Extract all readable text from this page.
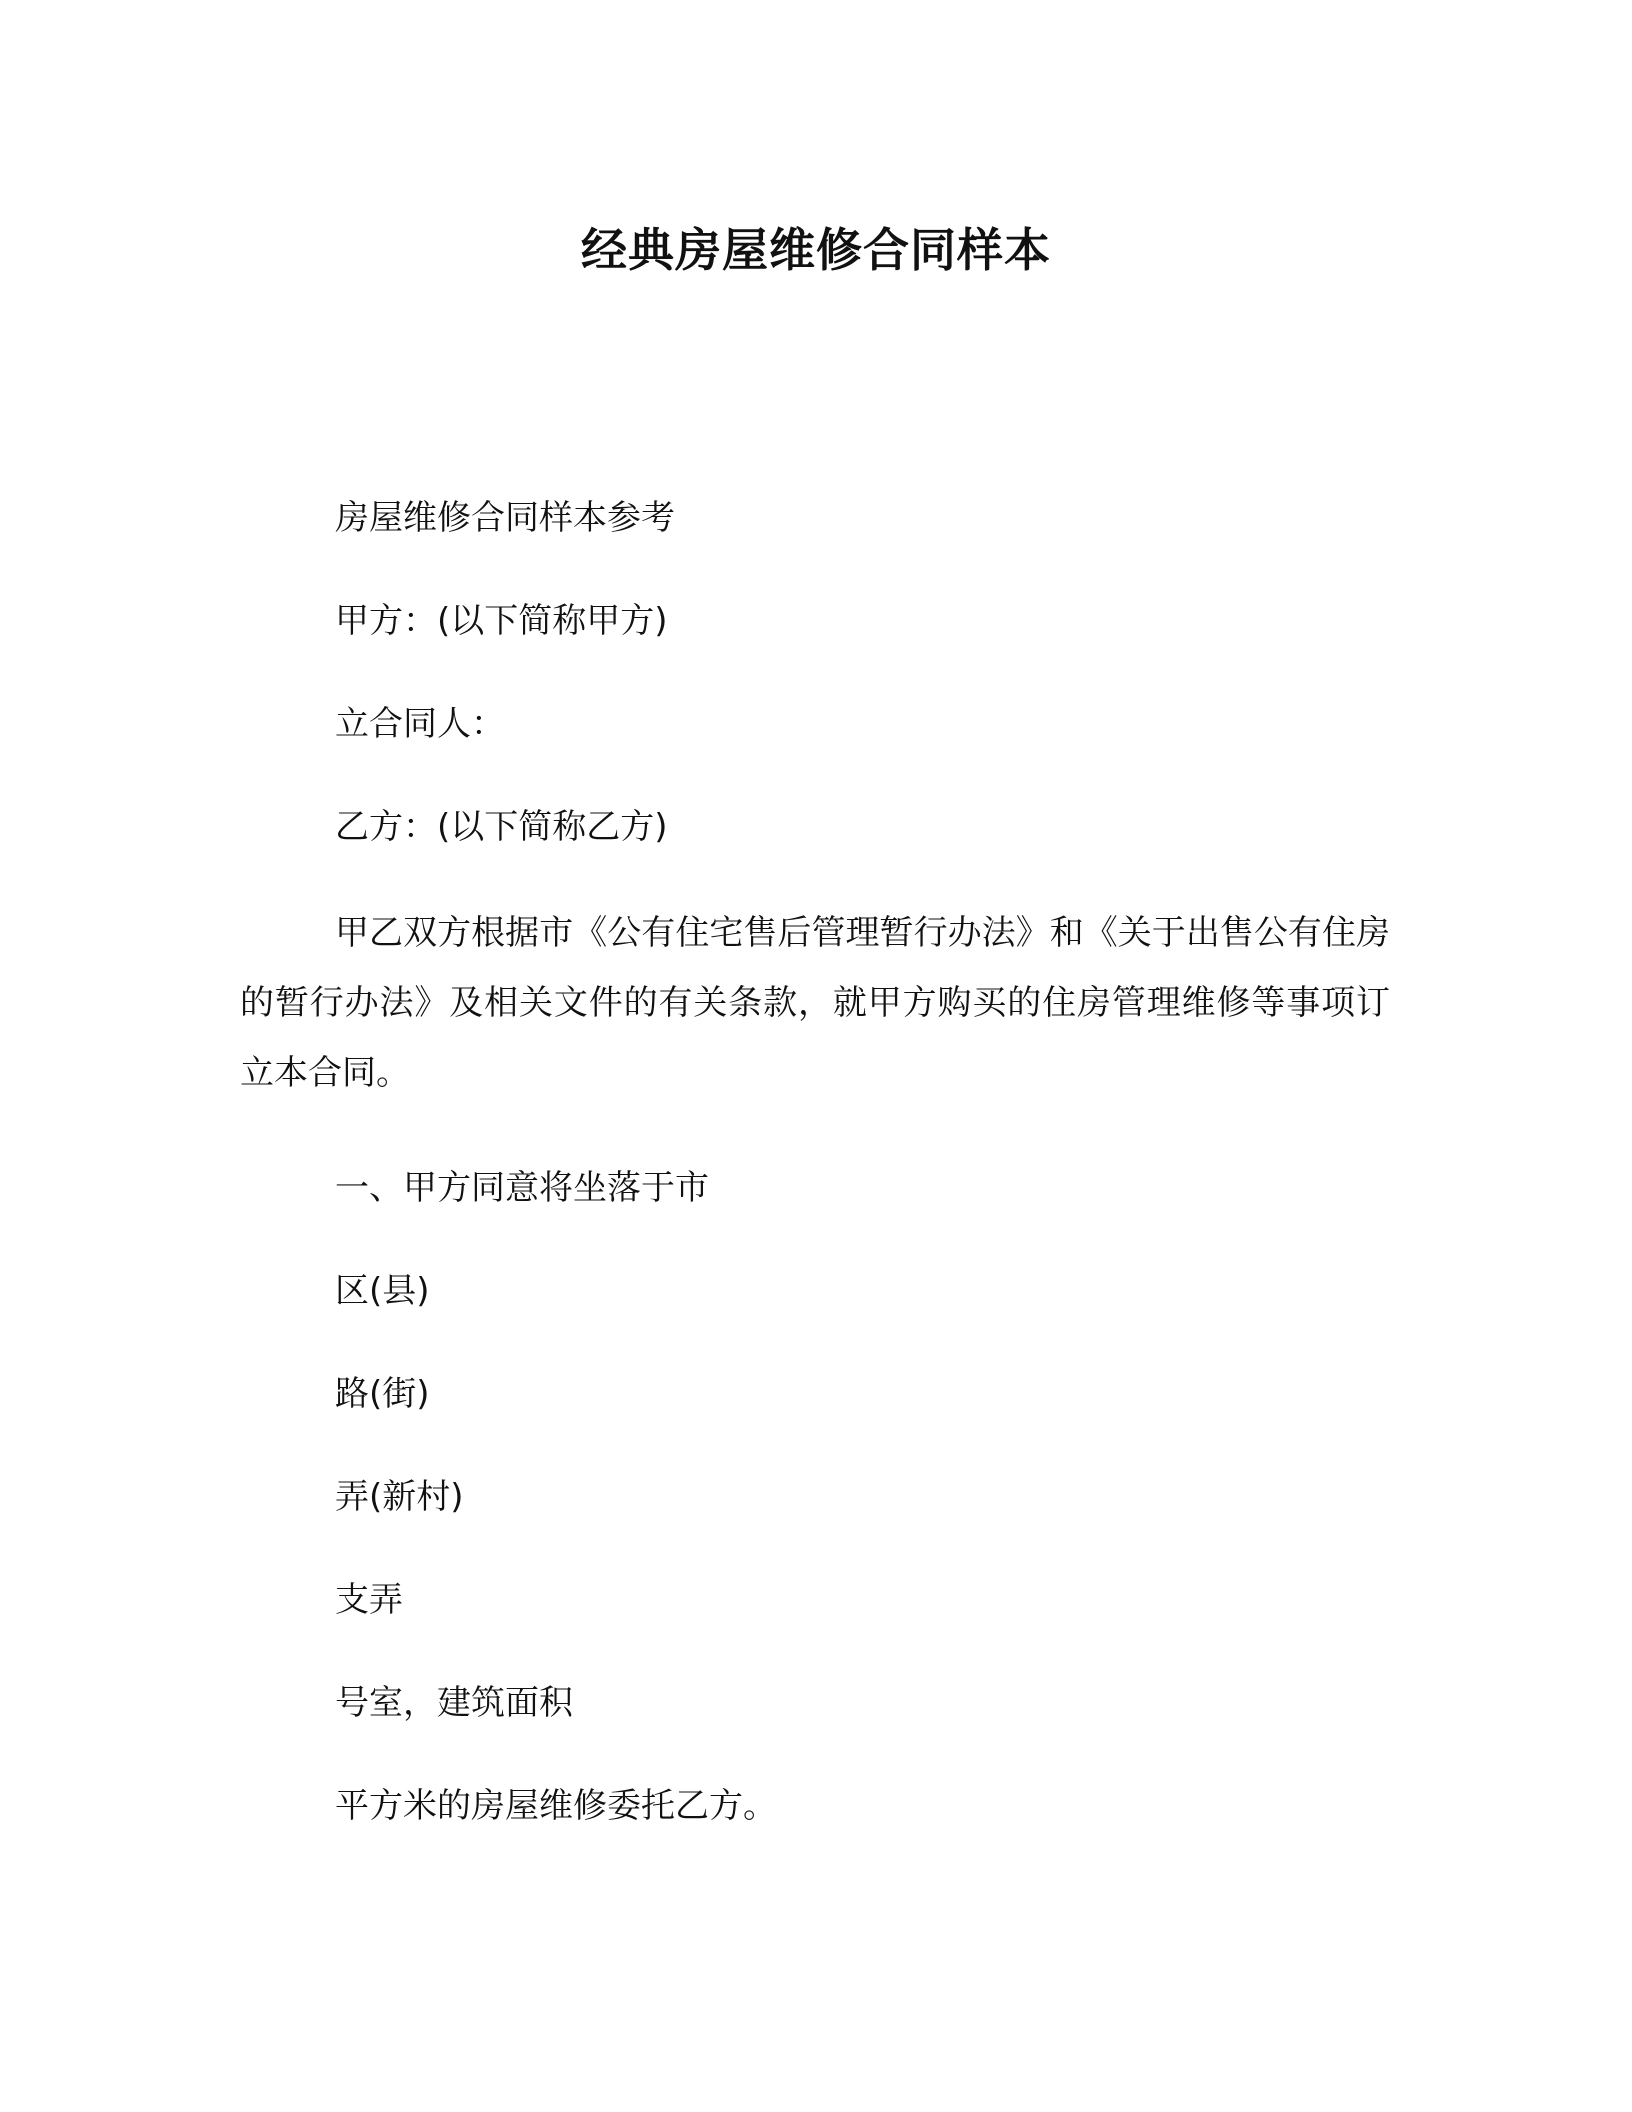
经典房屋维修合同样本
房屋维修合同样本参考
甲方：(以下简称甲方)
立合同人：
乙方：(以下简称乙方)
甲乙双方根据市《公有住宅售后管理暂行办法》和《关于出售公有住房的暂行办法》及相关文件的有关条款，就甲方购买的住房管理维修等事项订立本合同。
一、甲方同意将坐落于市
区(县)
路(街)
弄(新村)
支弄
号室，建筑面积
平方米的房屋维修委托乙方。
